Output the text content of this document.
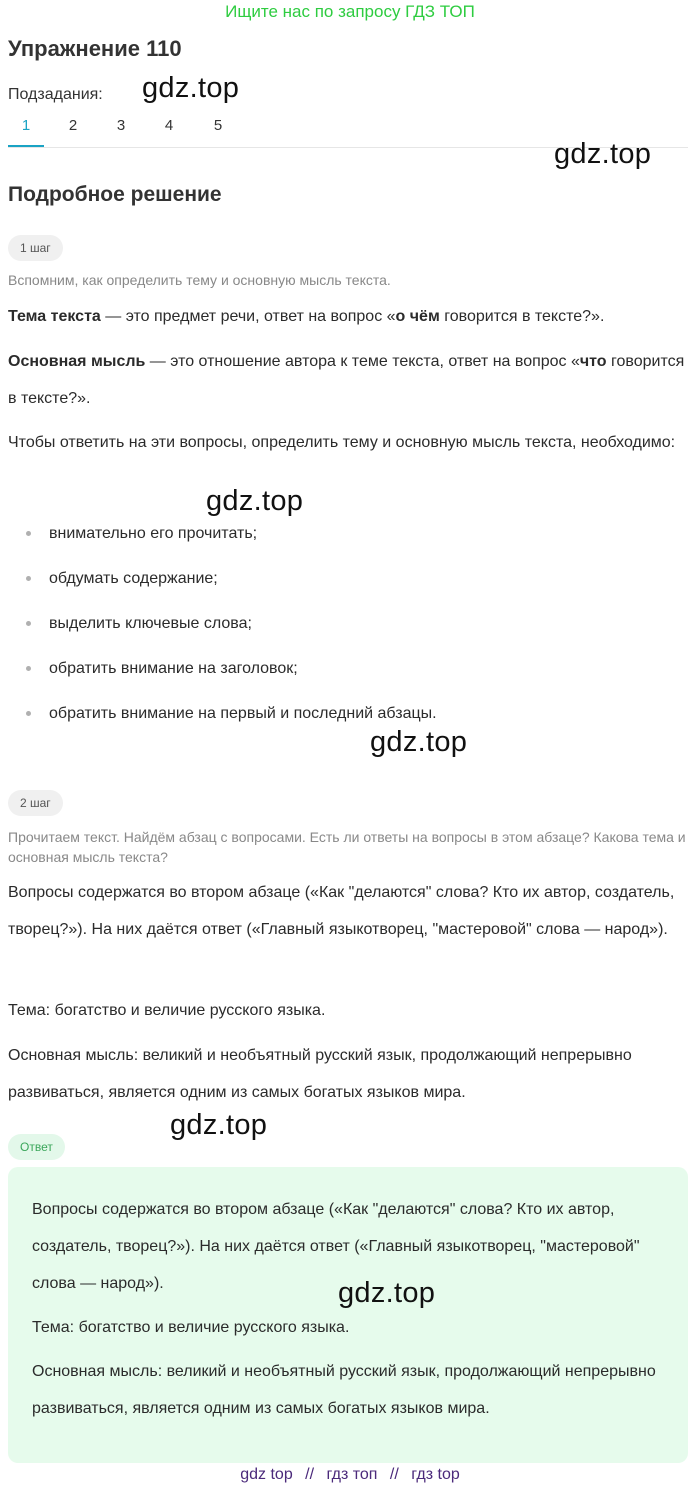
Ищите нас по запросу ГДЗ ТОП
Упражнение 110
Подзадания:
1	2	3	4	5
Подробное решение
1 шаг
Вспомним, как определить тему и основную мысль текста.
Тема текста — это предмет речи, ответ на вопрос «о чём говорится в тексте?».
Основная мысль — это отношение автора к теме текста, ответ на вопрос «что говорится в тексте?».
Чтобы ответить на эти вопросы, определить тему и основную мысль текста, необходимо:
внимательно его прочитать;
обдумать содержание;
выделить ключевые слова;
обратить внимание на заголовок;
обратить внимание на первый и последний абзацы.
2 шаг
Прочитаем текст. Найдём абзац с вопросами. Есть ли ответы на вопросы в этом абзаце? Какова тема и основная мысль текста?
Вопросы содержатся во втором абзаце («Как "делаются" слова? Кто их автор, создатель, творец?»). На них даётся ответ («Главный языкотворец, "мастеровой" слова — народ»).
Тема: богатство и величие русского языка.
Основная мысль: великий и необъятный русский язык, продолжающий непрерывно развиваться, является одним из самых богатых языков мира.
Ответ
Вопросы содержатся во втором абзаце («Как "делаются" слова? Кто их автор, создатель, творец?»). На них даётся ответ («Главный языкотворец, "мастеровой" слова — народ»).
Тема: богатство и величие русского языка.
Основная мысль: великий и необъятный русский язык, продолжающий непрерывно развиваться, является одним из самых богатых языков мира.
gdz.top
gdz.top
gdz.top
gdz.top
gdz.top
gdz.top
gdz top // гдз топ // гдз top
